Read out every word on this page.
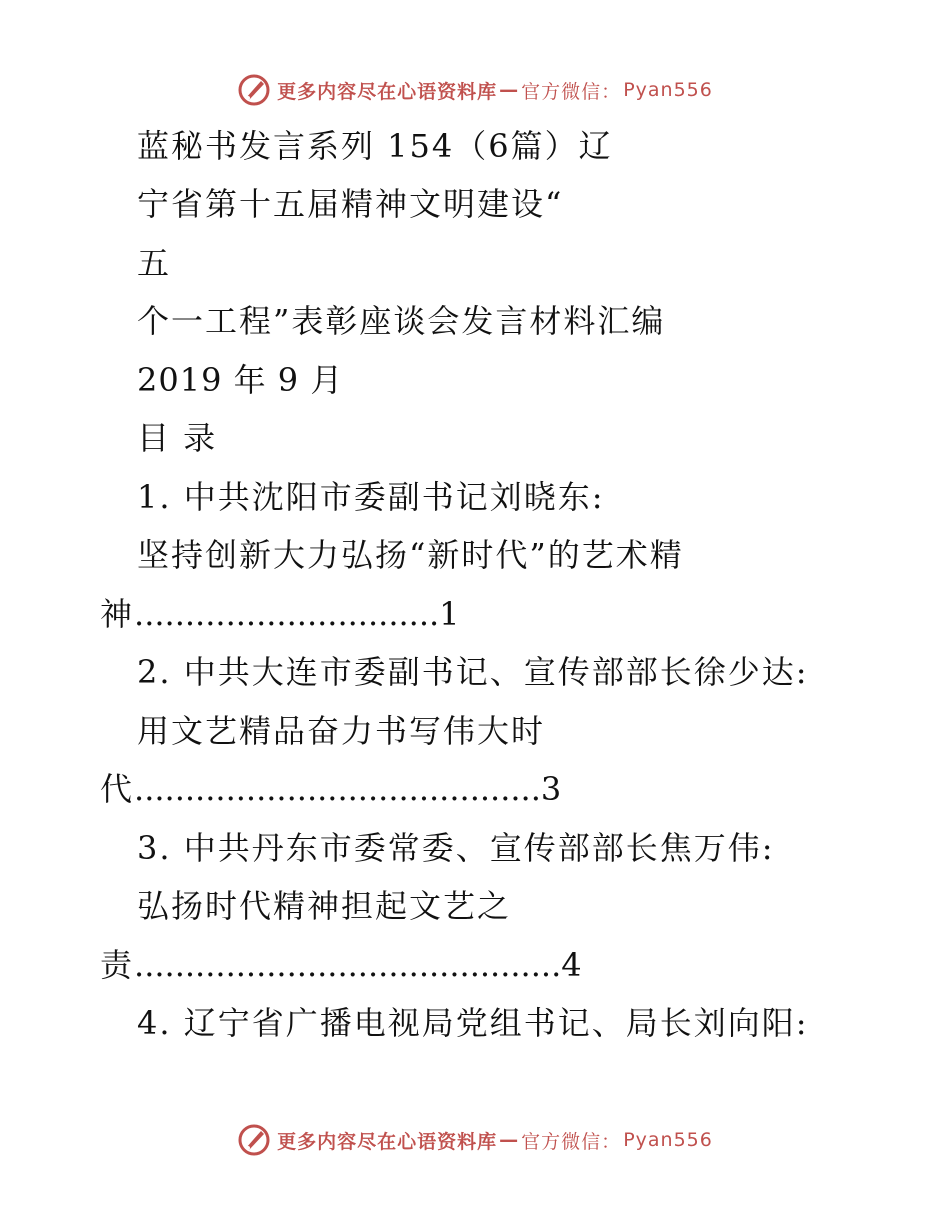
更多内容尽在心语资料库 — 官方微信： Pyan556
蓝秘书发言系列 154（6篇）辽
宁省第十五届精神文明建设“
五
个一工程”表彰座谈会发言材料汇编
2019 年 9 月
目 录
1. 中共沈阳市委副书记刘晓东:
坚持创新大力弘扬“新时代”的艺术精
神..............................1
2. 中共大连市委副书记、宣传部部长徐少达:
用文艺精品奋力书写伟大时
代........................................3
3. 中共丹东市委常委、宣传部部长焦万伟:
弘扬时代精神担起文艺之
责..........................................4
4. 辽宁省广播电视局党组书记、局长刘向阳:
更多内容尽在心语资料库 — 官方微信： Pyan556
